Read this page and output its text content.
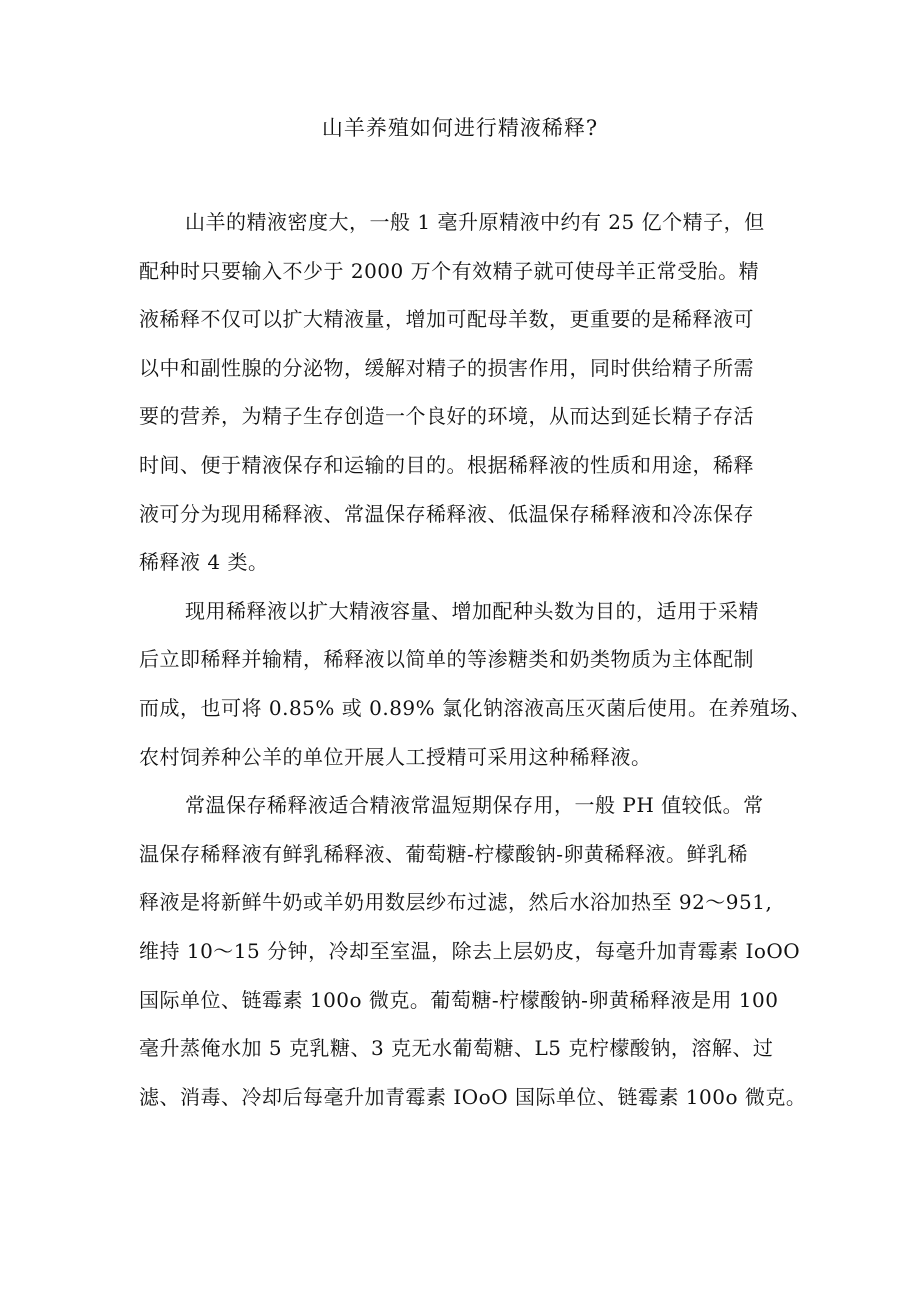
山羊养殖如何进行精液稀释?
山羊的精液密度大，一般 1 毫升原精液中约有 25 亿个精子，但
配种时只要输入不少于 2000 万个有效精子就可使母羊正常受胎。精
液稀释不仅可以扩大精液量，增加可配母羊数，更重要的是稀释液可
以中和副性腺的分泌物，缓解对精子的损害作用，同时供给精子所需
要的营养，为精子生存创造一个良好的环境，从而达到延长精子存活
时间、便于精液保存和运输的目的。根据稀释液的性质和用途，稀释
液可分为现用稀释液、常温保存稀释液、低温保存稀释液和冷冻保存
稀释液 4 类。
现用稀释液以扩大精液容量、增加配种头数为目的，适用于采精
后立即稀释并输精，稀释液以简单的等渗糖类和奶类物质为主体配制
而成，也可将 0.85% 或 0.89% 氯化钠溶液高压灭菌后使用。在养殖场、
农村饲养种公羊的单位开展人工授精可采用这种稀释液。
常温保存稀释液适合精液常温短期保存用，一般 PH 值较低。常
温保存稀释液有鲜乳稀释液、葡萄糖-柠檬酸钠-卵黄稀释液。鲜乳稀
释液是将新鲜牛奶或羊奶用数层纱布过滤，然后水浴加热至 92～951,
维持 10～15 分钟，冷却至室温，除去上层奶皮，每毫升加青霉素 IoOO
国际单位、链霉素 100o 微克。葡萄糖-柠檬酸钠-卵黄稀释液是用 100
毫升蒸俺水加 5 克乳糖、3 克无水葡萄糖、L5 克柠檬酸钠，溶解、过
滤、消毒、冷却后每毫升加青霉素 IOoO 国际单位、链霉素 100o 微克。
